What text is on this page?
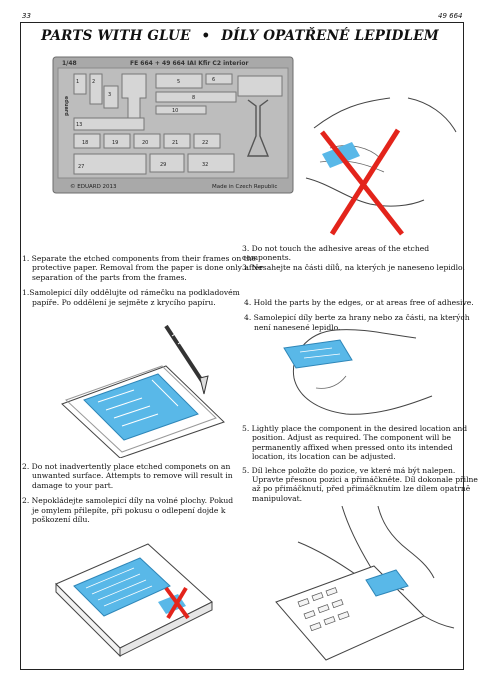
33	49 664
PARTS WITH GLUE • DÍLY OPATŘENÉ LEPIDLEM
1/48	FE 664 + 49 664 IAI Kfir C2 interior
eduard
1	2
3
5	6
8
10
13
18	19	20	21	22
27	29	32
© EDUARD 2013	Made in Czech Republic
3. Do not touch the adhesive areas of the etched components.
3. Nesahejte na části dílů, na kterých je naneseno lepidlo.
1. Separate the etched components from their frames on the
protective paper. Removal from the paper is done only after
separation of the parts from the frames.
1.Samolepicí díly oddělujte od rámečku na podkladovém
papíře. Po oddělení je sejměte z krycího papíru.	4. Hold the parts by the edges, or at areas free of adhesive.
4. Samolepicí díly berte za hrany nebo za části, na kterých
není nanesené lepidlo.
5. Lightly place the component in the desired location and
position. Adjust as required. The component will be
permanently affixed when pressed onto its intended
location, its location can be adjusted.
5. Díl lehce položte do pozice, ve které má být nalepen.
Upravte přesnou pozici a přimáčkněte. Díl dokonale přilne
až po přimáčknutí, před přimáčknutím lze dílem opatrně
manipulovat.
2. Do not inadvertently place etched componets on an
unwanted surface. Attempts to remove will result in
damage to your part.
2. Nepokládejte samolepicí díly na volné plochy. Pokud
je omylem přilepíte, při pokusu o odlepení dojde k
poškození dílu.
